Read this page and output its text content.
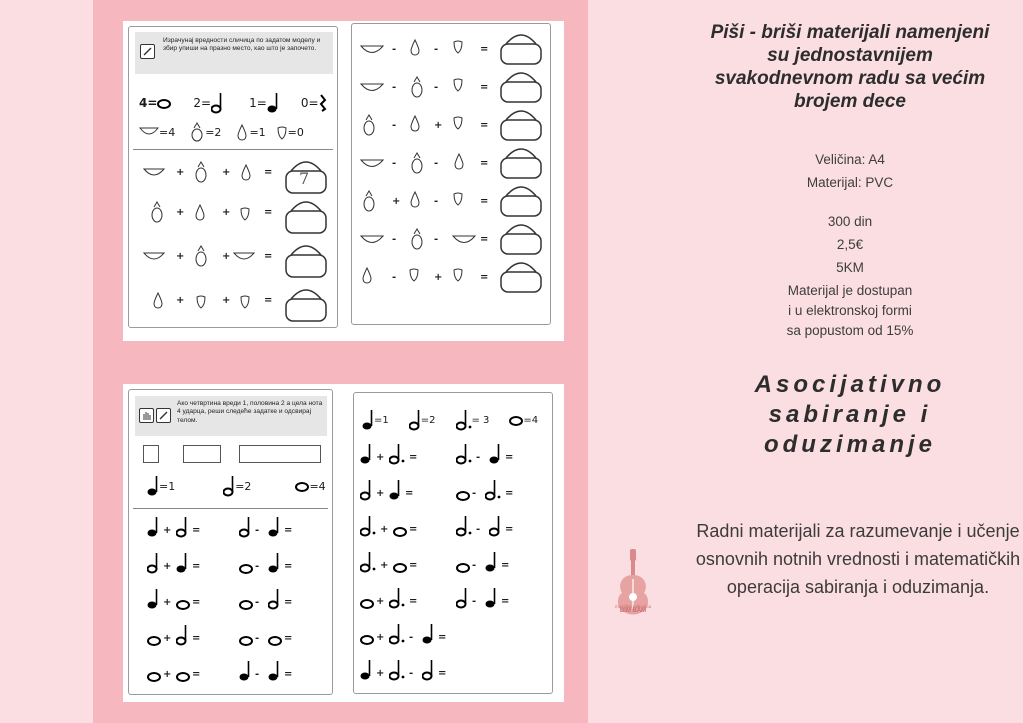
Израчунај вредности сличица по задатом моделу и збир упиши на празно место, као што је започето.
4=	2=	1=	0=
=4	=2	=1 =0
+	+	= 7
+	+	=
+	+	=
+	+	=
-	-	=
-	-	=
-	+	=
-	-	=
+	-	=
-	-	=
-	+	=
Ако четвртина вреди 1, половина 2 а цела нота 4 ударца, реши следеће задатке и одсвирај телом.
=1	=2	=4
+ =	- =
+ =	- =
+ =	- =
+ =	- =
+ =	- =
=1	=2	= 3	=4
+ =	- =
+ =	-	=
+ =	- =
+ =	- =
+ =	- =
+ - =
+ - =
Piši - briši materijali namenjeni su jednostavnijem svakodnevnom radu sa većim brojem dece
Veličina: A4
Materijal: PVC
300 din
2,5€
5KM
Materijal je dostupan
i u elektronskoj formi
sa popustom od 15%
Asocijativno sabiranje i oduzimanje
Radni materijali za razumevanje i učenje osnovnih notnih vrednosti i matematičkih operacija sabiranja i oduzimanja.
muzička radionica
BIM BAM
